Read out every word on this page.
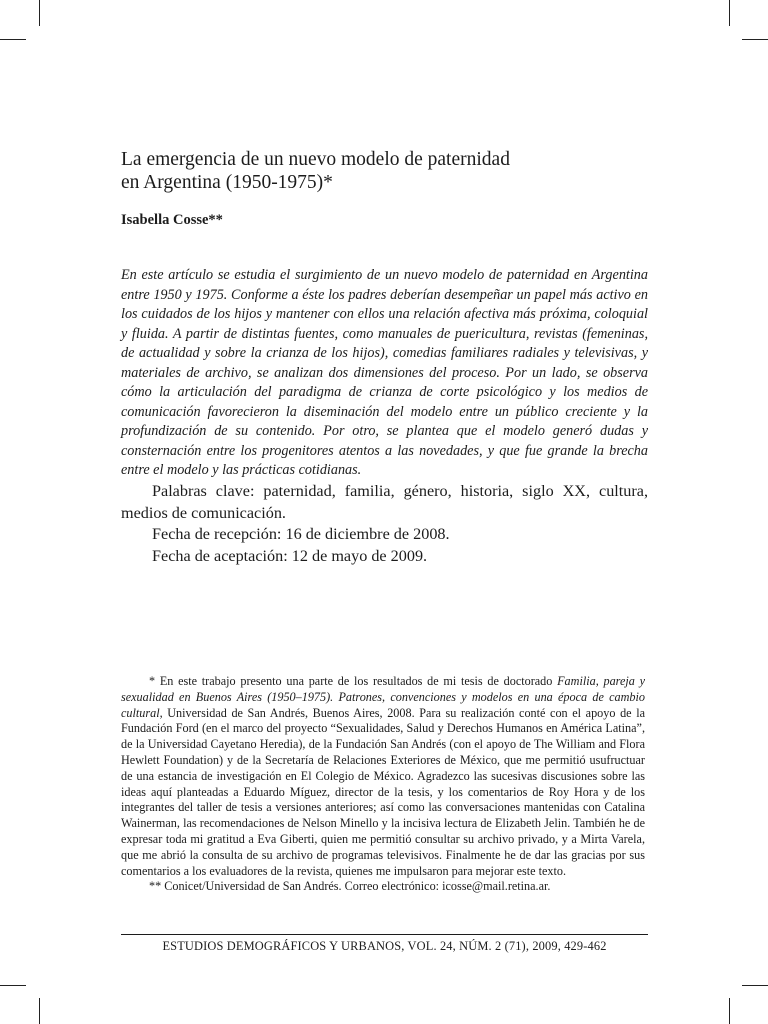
La emergencia de un nuevo modelo de paternidad
en Argentina (1950-1975)*

Isabella Cosse**

En este artículo se estudia el surgimiento de un nuevo modelo de paternidad en Argentina entre 1950 y 1975. Conforme a éste los padres deberían desempeñar un papel más activo en los cuidados de los hijos y mantener con ellos una relación afectiva más próxima, coloquial y fluida. A partir de distintas fuentes, como manuales de puericultura, revistas (femeninas, de actualidad y sobre la crianza de los hijos), comedias familiares radiales y televisivas, y materiales de archivo, se analizan dos dimensiones del proceso. Por un lado, se observa cómo la articulación del paradigma de crianza de corte psicológico y los medios de comunicación favorecieron la diseminación del modelo entre un público creciente y la profundización de su contenido. Por otro, se plantea que el modelo generó dudas y consternación entre los progenitores atentos a las novedades, y que fue grande la brecha entre el modelo y las prácticas cotidianas.

Palabras clave: paternidad, familia, género, historia, siglo XX, cultura, medios de comunicación.

Fecha de recepción: 16 de diciembre de 2008.

Fecha de aceptación: 12 de mayo de 2009.

* En este trabajo presento una parte de los resultados de mi tesis de doctorado Familia, pareja y sexualidad en Buenos Aires (1950–1975). Patrones, convenciones y modelos en una época de cambio cultural, Universidad de San Andrés, Buenos Aires, 2008. Para su realización conté con el apoyo de la Fundación Ford (en el marco del proyecto “Sexualidades, Salud y Derechos Humanos en América Latina”, de la Universidad Cayetano Heredia), de la Fundación San Andrés (con el apoyo de The William and Flora Hewlett Foundation) y de la Secretaría de Relaciones Exteriores de México, que me permitió usufructuar de una estancia de investigación en El Colegio de México. Agradezco las sucesivas discusiones sobre las ideas aquí planteadas a Eduardo Míguez, director de la tesis, y los comentarios de Roy Hora y de los integrantes del taller de tesis a versiones anteriores; así como las conversaciones mantenidas con Catalina Wainerman, las recomendaciones de Nelson Minello y la incisiva lectura de Elizabeth Jelin. También he de expresar toda mi gratitud a Eva Giberti, quien me permitió consultar su archivo privado, y a Mirta Varela, que me abrió la consulta de su archivo de programas televisivos. Finalmente he de dar las gracias por sus comentarios a los evaluadores de la revista, quienes me impulsaron para mejorar este texto.

** Conicet/Universidad de San Andrés. Correo electrónico: icosse@mail.retina.ar.

ESTUDIOS DEMOGRÁFICOS Y URBANOS, VOL. 24, NÚM. 2 (71), 2009, 429-462
